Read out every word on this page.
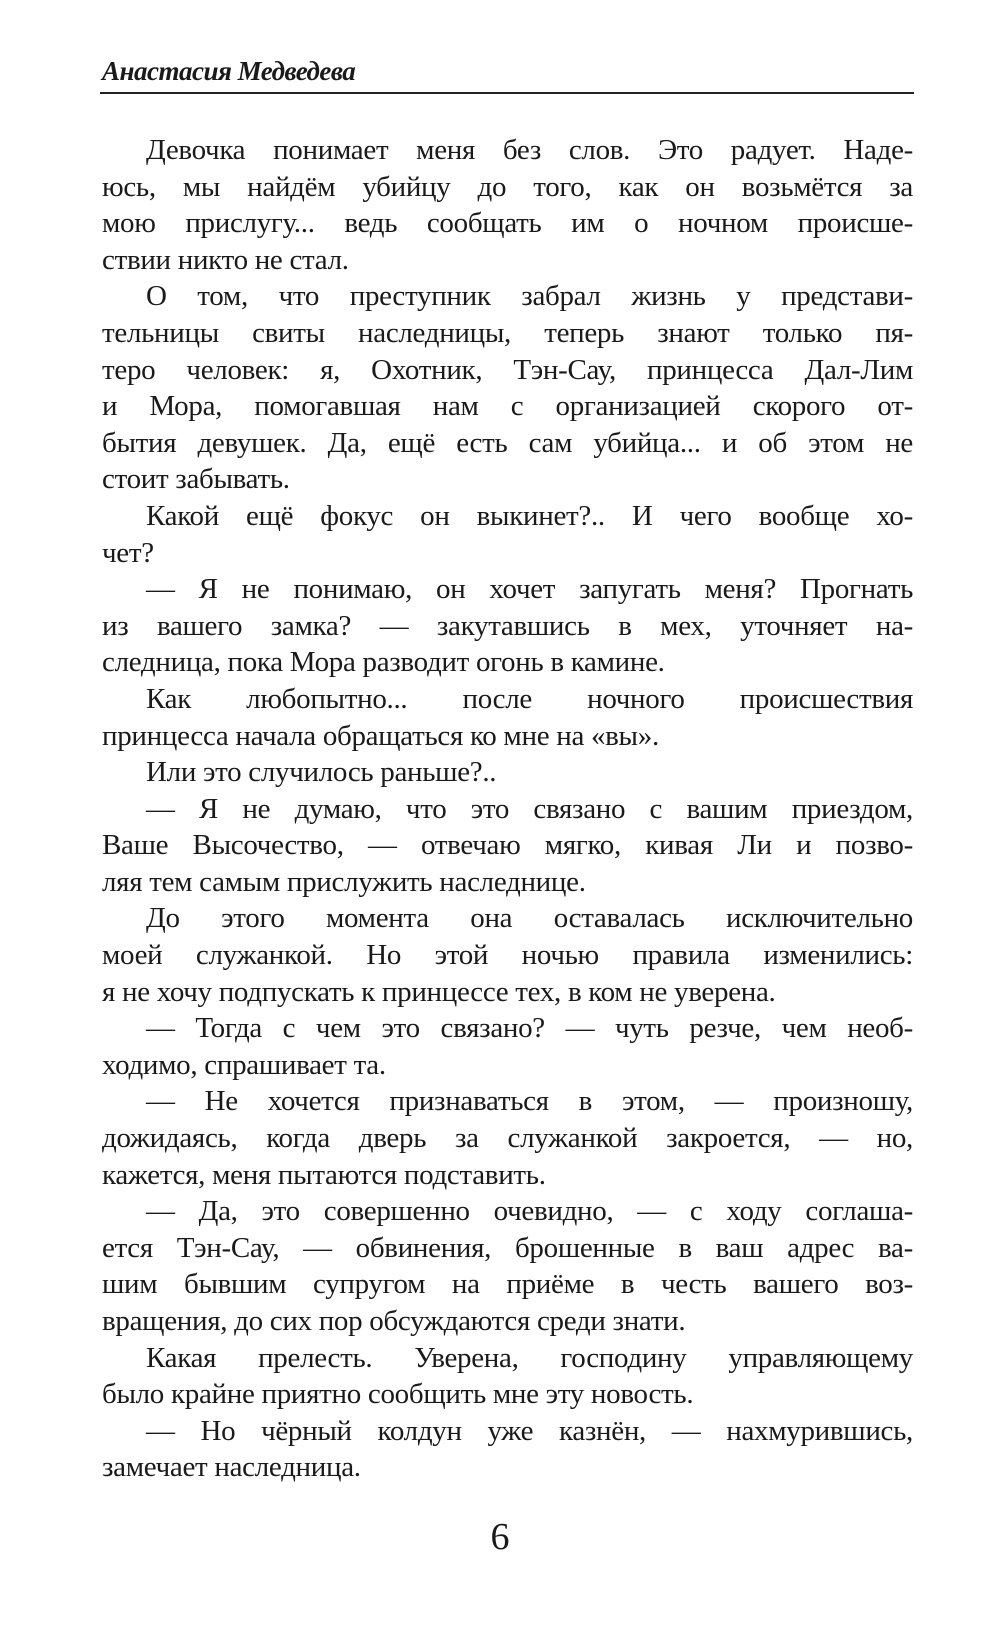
Анастасия Медведева
Девочка понимает меня без слов. Это радует. Наде-
юсь, мы найдём убийцу до того, как он возьмётся за
мою прислугу... ведь сообщать им о ночном происше-
ствии никто не стал.
О том, что преступник забрал жизнь у представи-
тельницы свиты наследницы, теперь знают только пя-
теро человек: я, Охотник, Тэн-Сау, принцесса Дал-Лим
и Мора, помогавшая нам с организацией скорого от-
бытия девушек. Да, ещё есть сам убийца... и об этом не
стоит забывать.
Какой ещё фокус он выкинет?.. И чего вообще хо-
чет?
— Я не понимаю, он хочет запугать меня? Прогнать
из вашего замка? — закутавшись в мех, уточняет на-
следница, пока Мора разводит огонь в камине.
Как любопытно... после ночного происшествия
принцесса начала обращаться ко мне на «вы».
Или это случилось раньше?..
— Я не думаю, что это связано с вашим приездом,
Ваше Высочество, — отвечаю мягко, кивая Ли и позво-
ляя тем самым прислужить наследнице.
До этого момента она оставалась исключительно
моей служанкой. Но этой ночью правила изменились:
я не хочу подпускать к принцессе тех, в ком не уверена.
— Тогда с чем это связано? — чуть резче, чем необ-
ходимо, спрашивает та.
— Не хочется признаваться в этом, — произношу,
дожидаясь, когда дверь за служанкой закроется, — но,
кажется, меня пытаются подставить.
— Да, это совершенно очевидно, — с ходу соглаша-
ется Тэн-Сау, — обвинения, брошенные в ваш адрес ва-
шим бывшим супругом на приёме в честь вашего воз-
вращения, до сих пор обсуждаются среди знати.
Какая прелесть. Уверена, господину управляющему
было крайне приятно сообщить мне эту новость.
— Но чёрный колдун уже казнён, — нахмурившись,
замечает наследница.
6
